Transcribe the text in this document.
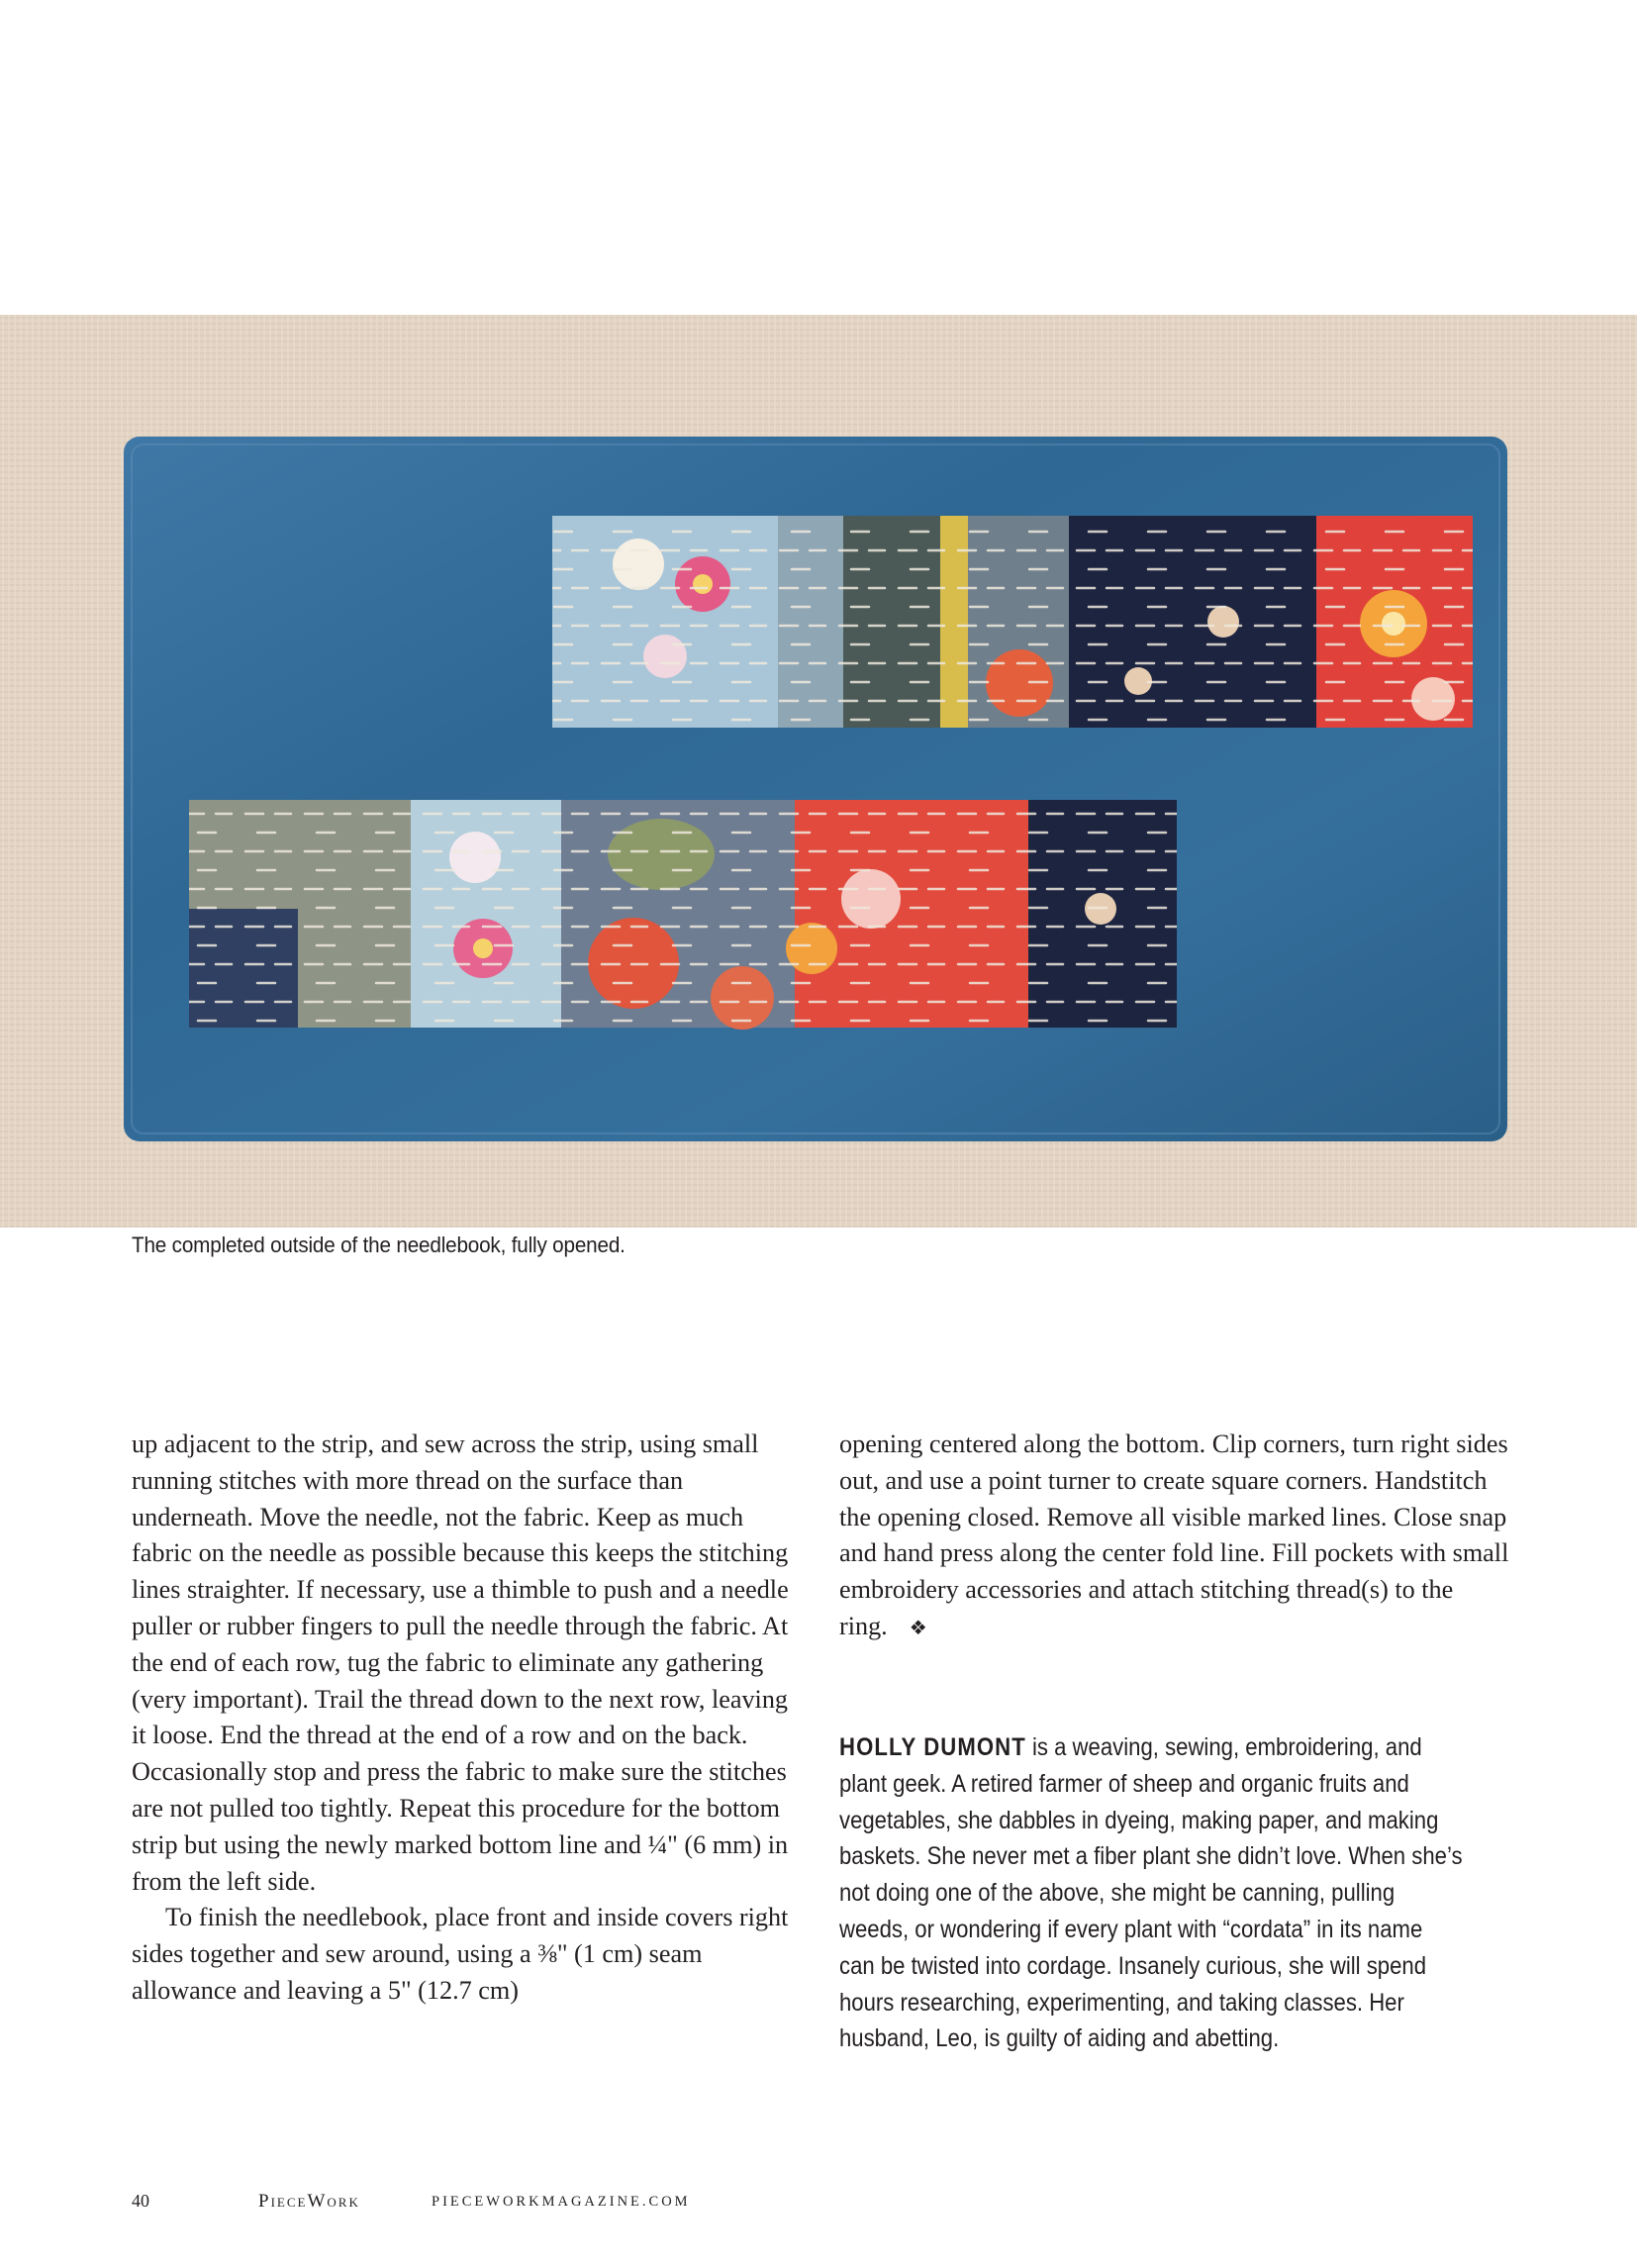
The completed outside of the needlebook, fully opened.

up adjacent to the strip, and sew across the strip, using small running stitches with more thread on the surface than underneath. Move the needle, not the fabric. Keep as much fabric on the needle as possible because this keeps the stitching lines straighter. If necessary, use a thimble to push and a needle puller or rubber fingers to pull the needle through the fabric. At the end of each row, tug the fabric to eliminate any gathering (very important). Trail the thread down to the next row, leaving it loose. End the thread at the end of a row and on the back. Occasionally stop and press the fabric to make sure the stitches are not pulled too tightly. Repeat this procedure for the bottom strip but using the newly marked bottom line and ¼" (6 mm) in from the left side.

To finish the needlebook, place front and inside covers right sides together and sew around, using a ⅜" (1 cm) seam allowance and leaving a 5" (12.7 cm)

opening centered along the bottom. Clip corners, turn right sides out, and use a point turner to create square corners. Handstitch the opening closed. Remove all visible marked lines. Close snap and hand press along the center fold line. Fill pockets with small embroidery accessories and attach stitching thread(s) to the ring. ❖

HOLLY DUMONT is a weaving, sewing, embroidering, and plant geek. A retired farmer of sheep and organic fruits and vegetables, she dabbles in dyeing, making paper, and making baskets. She never met a fiber plant she didn’t love. When she’s not doing one of the above, she might be canning, pulling weeds, or wondering if every plant with “cordata” in its name can be twisted into cordage. Insanely curious, she will spend hours researching, experimenting, and taking classes. Her husband, Leo, is guilty of aiding and abetting.
40	PieceWork	PIECEWORKMAGAZINE.COM
